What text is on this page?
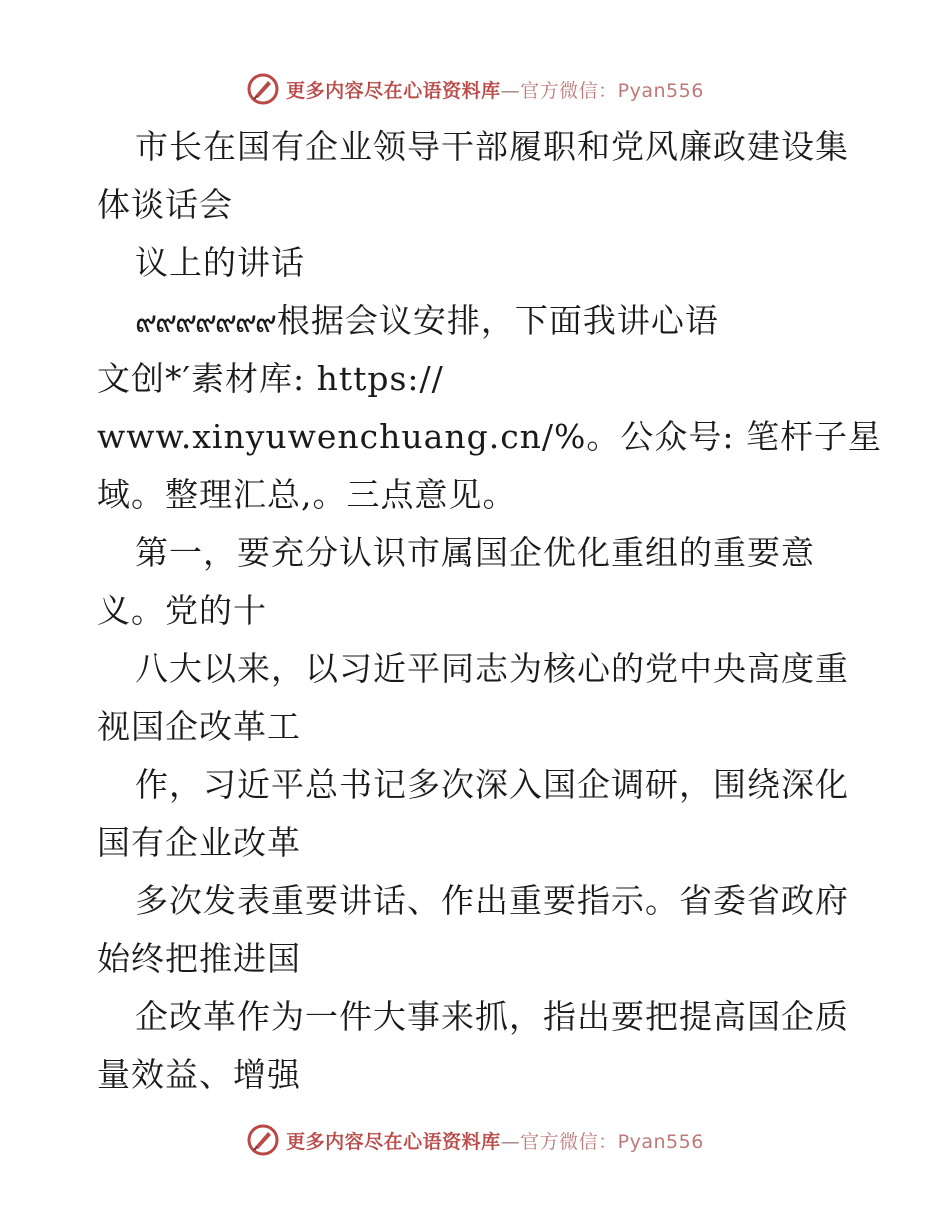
更多内容尽在心语资料库—官方微信：Pyan556
市长在国有企业领导干部履职和党风廉政建设集
体谈话会
议上的讲话
๙๙๙๙๙๙๙根据会议安排，下面我讲心语
文创*′素材库: https://
www.xinyuwenchuang.cn/%。公众号: 笔杆子星
域。整理汇总,。三点意见。
第一，要充分认识市属国企优化重组的重要意
义。党的十
八大以来，以习近平同志为核心的党中央高度重
视国企改革工
作，习近平总书记多次深入国企调研，围绕深化
国有企业改革
多次发表重要讲话、作出重要指示。省委省政府
始终把推进国
企改革作为一件大事来抓，指出要把提高国企质
量效益、增强
更多内容尽在心语资料库—官方微信：Pyan556
